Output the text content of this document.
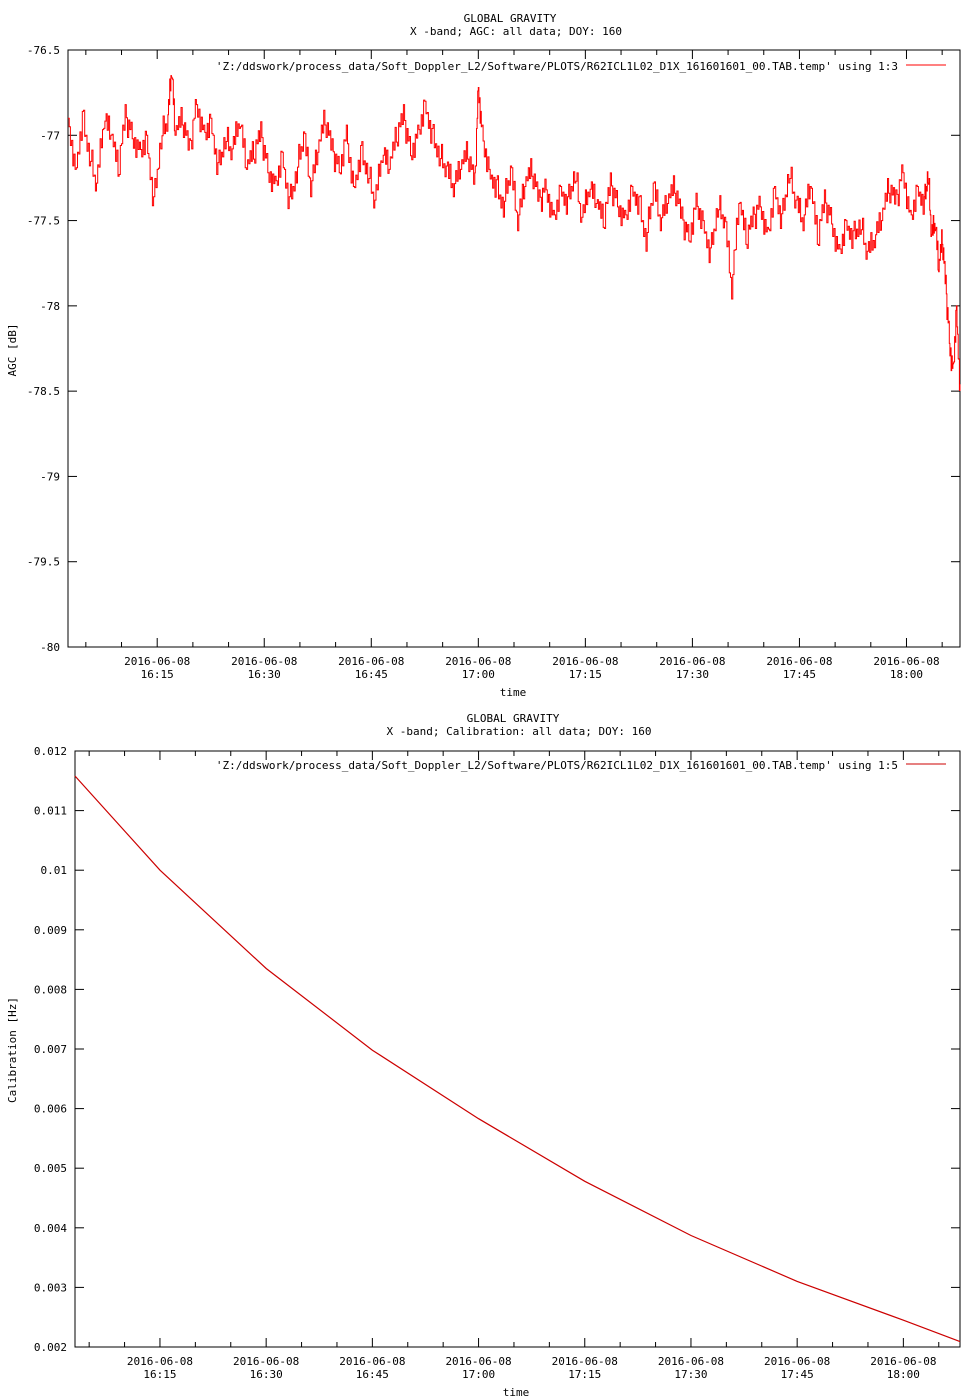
GLOBAL GRAVITY
X -band; AGC: all data; DOY: 160
-76.5
-77
-77.5
-78
-78.5
-79
-79.5
-80
2016-06-08
16:15
2016-06-08
16:30
2016-06-08
16:45
2016-06-08
17:00
2016-06-08
17:15
2016-06-08
17:30
2016-06-08
17:45
2016-06-08
18:00
time
AGC [dB]
'Z:/ddswork/process_data/Soft_Doppler_L2/Software/PLOTS/R62ICL1L02_D1X_161601601_00.TAB.temp' using 1:3
GLOBAL GRAVITY
X -band; Calibration: all data; DOY: 160
0.012
0.011
0.01
0.009
0.008
0.007
0.006
0.005
0.004
0.003
0.002
2016-06-08
16:15
2016-06-08
16:30
2016-06-08
16:45
2016-06-08
17:00
2016-06-08
17:15
2016-06-08
17:30
2016-06-08
17:45
2016-06-08
18:00
time
Calibration [Hz]
'Z:/ddswork/process_data/Soft_Doppler_L2/Software/PLOTS/R62ICL1L02_D1X_161601601_00.TAB.temp' using 1:5
